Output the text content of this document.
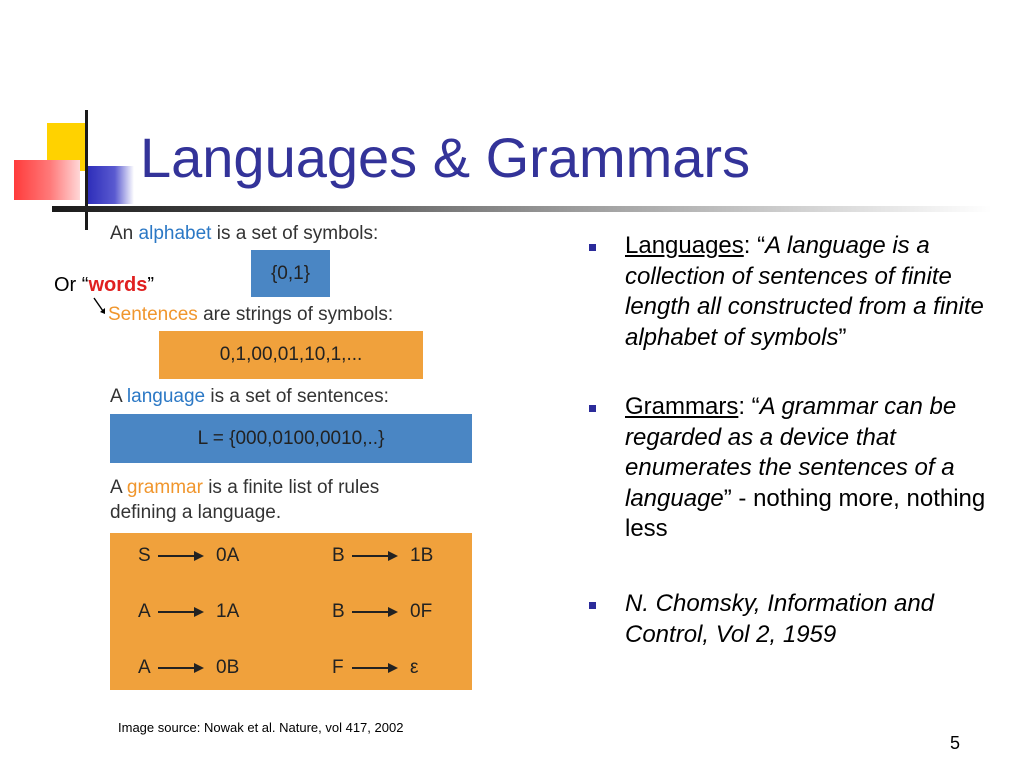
Languages & Grammars
An alphabet is a set of symbols:
{0,1}
Sentences are strings of symbols:
0,1,00,01,10,1,...
A language is a set of sentences:
L = {000,0100,0010,..}
A grammar is a finite list of rules
defining a language.
S	0A	B	1B
A	1A	B	0F
A	0B	F	ε
Or “words”
Image source: Nowak et al. Nature, vol 417, 2002
Languages: “A language is a collection of sentences of finite length all constructed from a finite alphabet of symbols”
Grammars: “A grammar can be regarded as a device that enumerates the sentences of a language” - nothing more, nothing less
N. Chomsky, Information and Control, Vol 2, 1959
5
